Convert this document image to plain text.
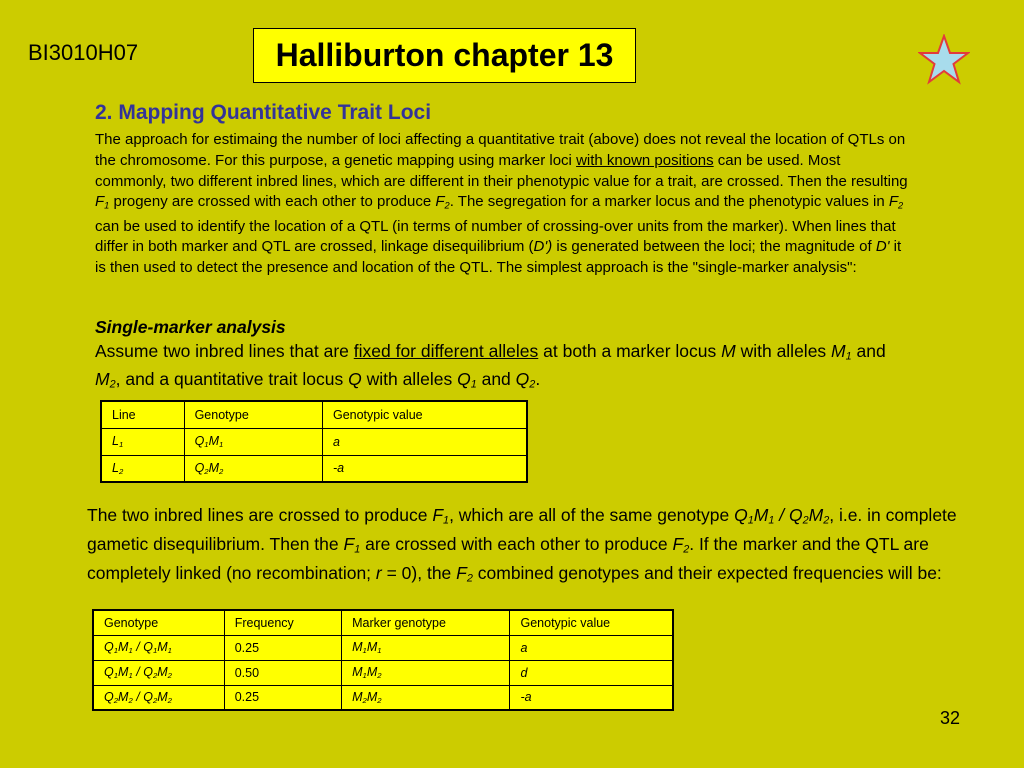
BI3010H07	Halliburton chapter 13
2. Mapping Quantitative Trait Loci
The approach for estimaing the number of loci affecting a quantitative trait (above) does not reveal the location of QTLs on the chromosome. For this purpose, a genetic mapping using marker loci with known positions can be used. Most commonly, two different inbred lines, which are different in their phenotypic value for a trait, are crossed. Then the resulting $F_1$ progeny are crossed with each other to produce $F_2$. The segregation for a marker locus and the phenotypic values in $F_2$ can be used to identify the location of a QTL (in terms of number of crossing-over units from the marker). When lines that differ in both marker and QTL are crossed, linkage disequilibrium (D') is generated between the loci; the magnitude of D' it is then used to detect the presence and location of the QTL. The simplest approach is the "single-marker analysis":
Single-marker analysis
Assume two inbred lines that are fixed for different alleles at both a marker locus M with alleles $M_1$ and $M_2$, and a quantitative trait locus Q with alleles $Q_1$ and $Q_2$.
Line	Genotype	Genotypic value
$L_1$	$Q_1M_1$	a
$L_2$	$Q_2M_2$	-a
The two inbred lines are crossed to produce $F_1$, which are all of the same genotype $Q_1M_1 / Q_2M_2$, i.e. in complete gametic disequilibrium. Then the $F_1$ are crossed with each other to produce $F_2$. If the marker and the QTL are completely linked (no recombination; r = 0), the $F_2$ combined genotypes and their expected frequencies will be:
Genotype	Frequency	Marker genotype	Genotypic value
$Q_1M_1 / Q_1M_1$	0.25	$M_1M_1$	a
$Q_1M_1 / Q_2M_2$	0.50	$M_1M_2$	d
$Q_2M_2 / Q_2M_2$	0.25	$M_2M_2$	-a
32
